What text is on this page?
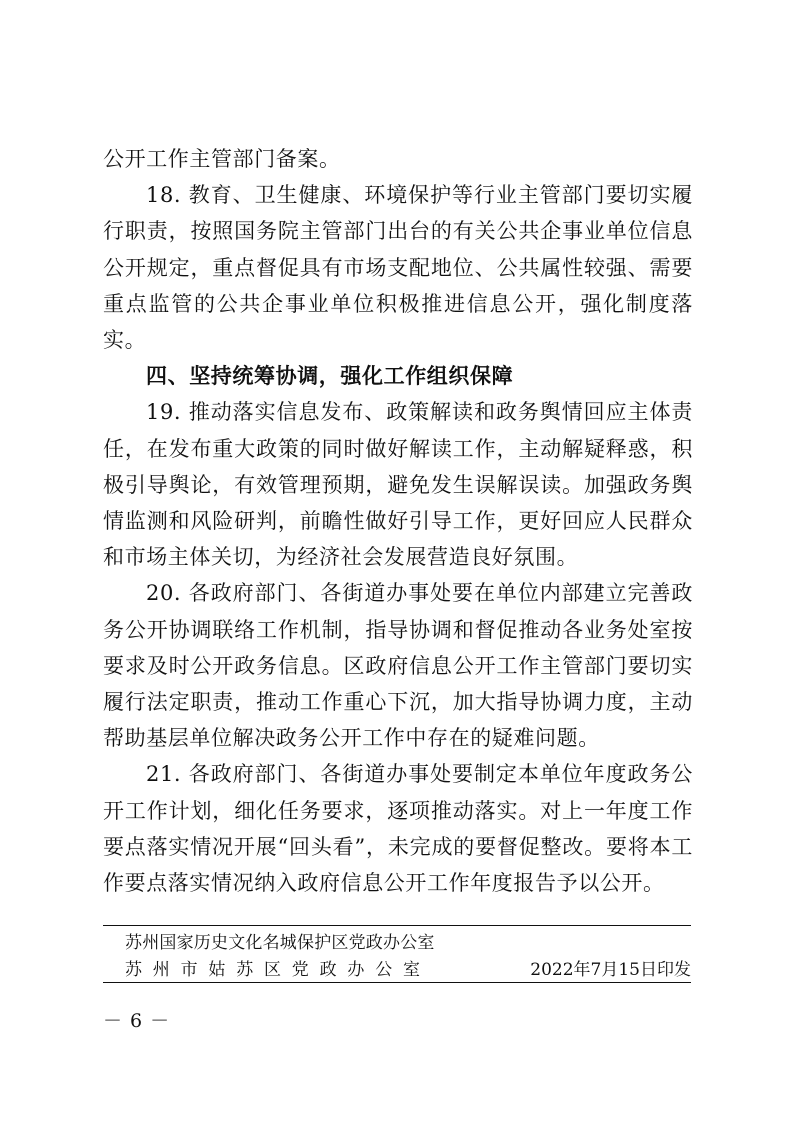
公开工作主管部门备案。

18. 教育、卫生健康、环境保护等行业主管部门要切实履行职责，按照国务院主管部门出台的有关公共企事业单位信息公开规定，重点督促具有市场支配地位、公共属性较强、需要重点监管的公共企事业单位积极推进信息公开，强化制度落实。

四、坚持统筹协调，强化工作组织保障

19. 推动落实信息发布、政策解读和政务舆情回应主体责任，在发布重大政策的同时做好解读工作，主动解疑释惑，积极引导舆论，有效管理预期，避免发生误解误读。加强政务舆情监测和风险研判，前瞻性做好引导工作，更好回应人民群众和市场主体关切，为经济社会发展营造良好氛围。

20. 各政府部门、各街道办事处要在单位内部建立完善政务公开协调联络工作机制，指导协调和督促推动各业务处室按要求及时公开政务信息。区政府信息公开工作主管部门要切实履行法定职责，推动工作重心下沉，加大指导协调力度，主动帮助基层单位解决政务公开工作中存在的疑难问题。

21. 各政府部门、各街道办事处要制定本单位年度政务公开工作计划，细化任务要求，逐项推动落实。对上一年度工作要点落实情况开展“回头看”，未完成的要督促整改。要将本工作要点落实情况纳入政府信息公开工作年度报告予以公开。

苏州国家历史文化名城保护区党政办公室
苏州市姑苏区党政办公室	2022年7月15日印发
－ 6 －
